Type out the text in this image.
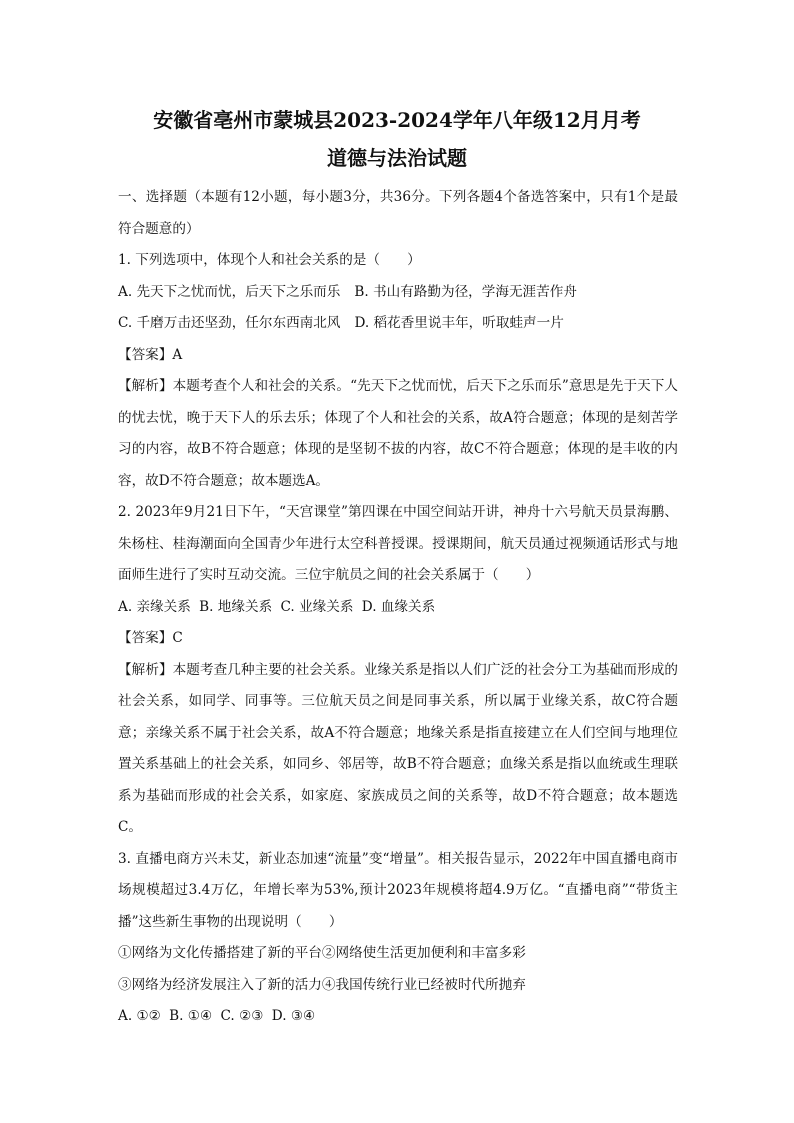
安徽省亳州市蒙城县2023-2024学年八年级12月月考
道德与法治试题

一、选择题（本题有12小题，每小题3分，共36分。下列各题4个备选答案中，只有1个是最符合题意的）

1. 下列选项中，体现个人和社会关系的是（　　）

A. 先天下之忧而忧，后天下之乐而乐 B. 书山有路勤为径，学海无涯苦作舟

C. 千磨万击还坚劲，任尔东西南北风 D. 稻花香里说丰年，听取蛙声一片

【答案】A

【解析】本题考查个人和社会的关系。“先天下之忧而忧，后天下之乐而乐”意思是先于天下人的忧去忧，晚于天下人的乐去乐；体现了个人和社会的关系，故A符合题意；体现的是刻苦学习的内容，故B不符合题意；体现的是坚韧不拔的内容，故C不符合题意；体现的是丰收的内容，故D不符合题意；故本题选A。

2. 2023年9月21日下午，“天宫课堂”第四课在中国空间站开讲，神舟十六号航天员景海鹏、朱杨柱、桂海潮面向全国青少年进行太空科普授课。授课期间，航天员通过视频通话形式与地面师生进行了实时互动交流。三位宇航员之间的社会关系属于（　　）

A. 亲缘关系 B. 地缘关系 C. 业缘关系 D. 血缘关系

【答案】C

【解析】本题考查几种主要的社会关系。业缘关系是指以人们广泛的社会分工为基础而形成的社会关系，如同学、同事等。三位航天员之间是同事关系，所以属于业缘关系，故C符合题意；亲缘关系不属于社会关系，故A不符合题意；地缘关系是指直接建立在人们空间与地理位置关系基础上的社会关系，如同乡、邻居等，故B不符合题意；血缘关系是指以血统或生理联系为基础而形成的社会关系，如家庭、家族成员之间的关系等，故D不符合题意；故本题选C。

3. 直播电商方兴未艾，新业态加速“流量”变“增量”。相关报告显示，2022年中国直播电商市场规模超过3.4万亿，年增长率为53%,预计2023年规模将超4.9万亿。“直播电商”“带货主播”这些新生事物的出现说明（　　）

①网络为文化传播搭建了新的平台②网络使生活更加便利和丰富多彩

③网络为经济发展注入了新的活力④我国传统行业已经被时代所抛弃

A. ①② B. ①④ C. ②③ D. ③④
